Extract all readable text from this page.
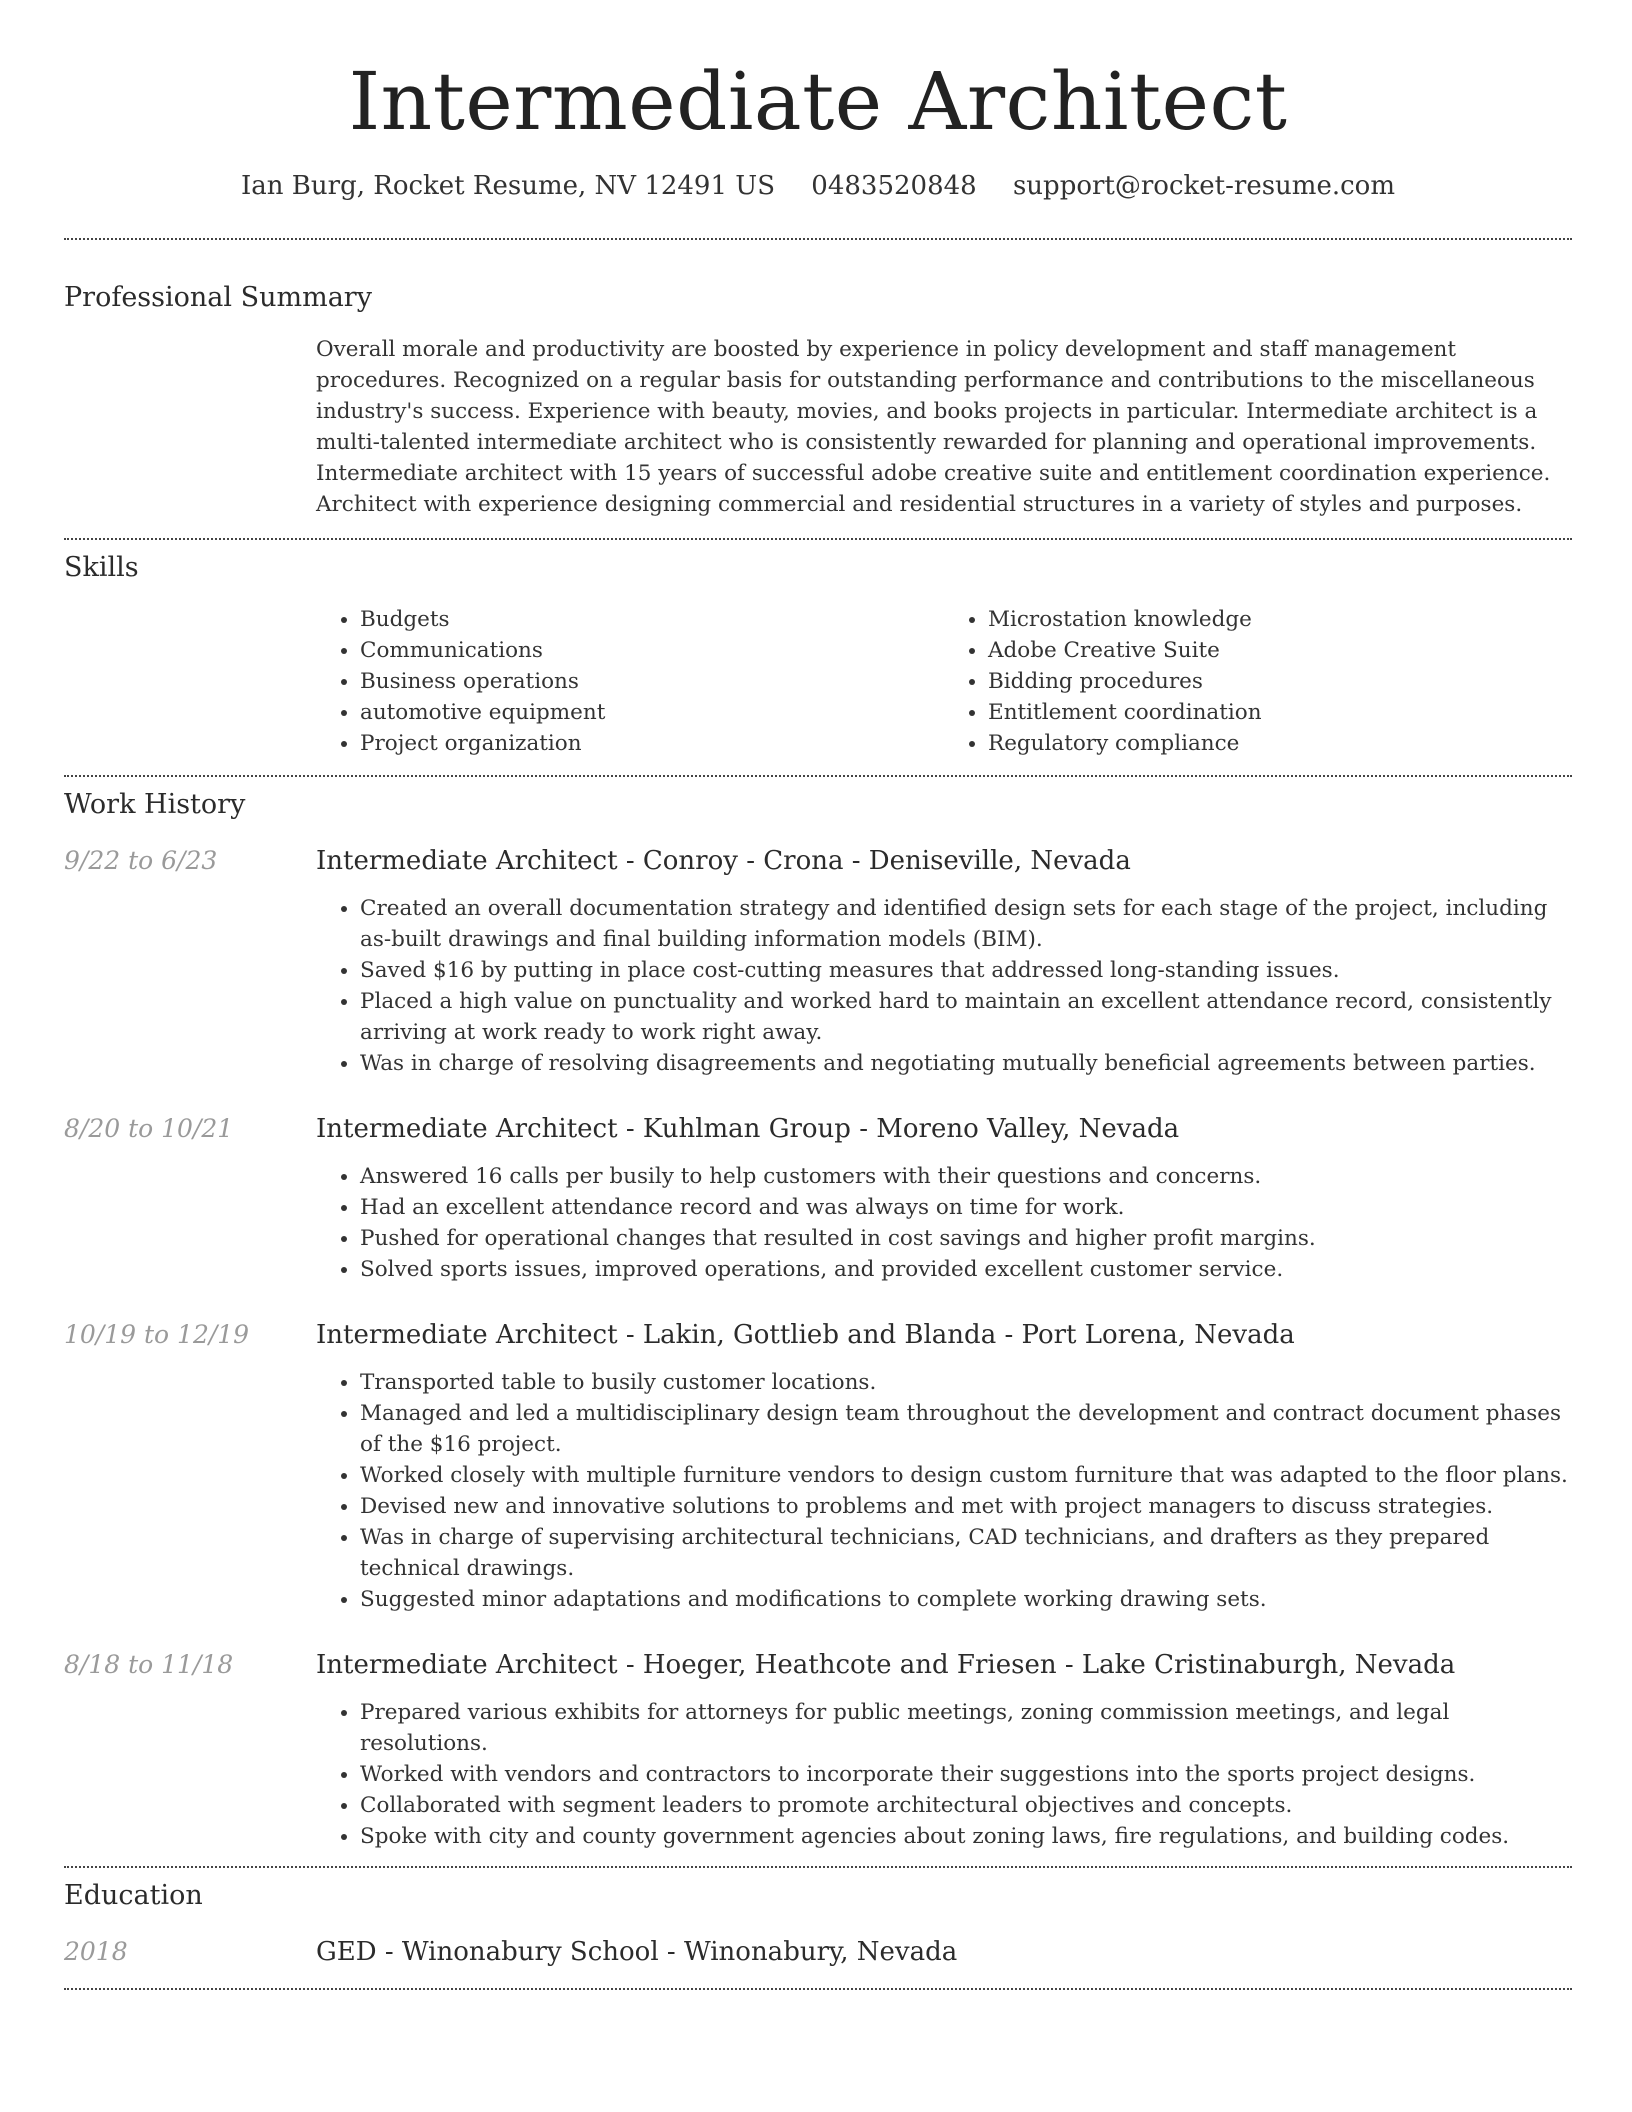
Intermediate Architect
Ian Burg, Rocket Resume, NV 12491 US 0483520848 support@rocket-resume.com
Professional Summary
Overall morale and productivity are boosted by experience in policy development and staff management procedures. Recognized on a regular basis for outstanding performance and contributions to the miscellaneous industry's success. Experience with beauty, movies, and books projects in particular. Intermediate architect is a multi-talented intermediate architect who is consistently rewarded for planning and operational improvements. Intermediate architect with 15 years of successful adobe creative suite and entitlement coordination experience. Architect with experience designing commercial and residential structures in a variety of styles and purposes.
Skills
• Budgets
• Communications
• Business operations
• automotive equipment
• Project organization
• Microstation knowledge
• Adobe Creative Suite
• Bidding procedures
• Entitlement coordination
• Regulatory compliance
Work History
9/22 to 6/23	Intermediate Architect - Conroy - Crona - Deniseville, Nevada
• Created an overall documentation strategy and identified design sets for each stage of the project, including as-built drawings and final building information models (BIM).
• Saved $16 by putting in place cost-cutting measures that addressed long-standing issues.
• Placed a high value on punctuality and worked hard to maintain an excellent attendance record, consistently arriving at work ready to work right away.
• Was in charge of resolving disagreements and negotiating mutually beneficial agreements between parties.
8/20 to 10/21	Intermediate Architect - Kuhlman Group - Moreno Valley, Nevada
• Answered 16 calls per busily to help customers with their questions and concerns.
• Had an excellent attendance record and was always on time for work.
• Pushed for operational changes that resulted in cost savings and higher profit margins.
• Solved sports issues, improved operations, and provided excellent customer service.
10/19 to 12/19	Intermediate Architect - Lakin, Gottlieb and Blanda - Port Lorena, Nevada
• Transported table to busily customer locations.
• Managed and led a multidisciplinary design team throughout the development and contract document phases of the $16 project.
• Worked closely with multiple furniture vendors to design custom furniture that was adapted to the floor plans.
• Devised new and innovative solutions to problems and met with project managers to discuss strategies.
• Was in charge of supervising architectural technicians, CAD technicians, and drafters as they prepared technical drawings.
• Suggested minor adaptations and modifications to complete working drawing sets.
8/18 to 11/18	Intermediate Architect - Hoeger, Heathcote and Friesen - Lake Cristinaburgh, Nevada
• Prepared various exhibits for attorneys for public meetings, zoning commission meetings, and legal resolutions.
• Worked with vendors and contractors to incorporate their suggestions into the sports project designs.
• Collaborated with segment leaders to promote architectural objectives and concepts.
• Spoke with city and county government agencies about zoning laws, fire regulations, and building codes.
Education
2018	GED - Winonabury School - Winonabury, Nevada
